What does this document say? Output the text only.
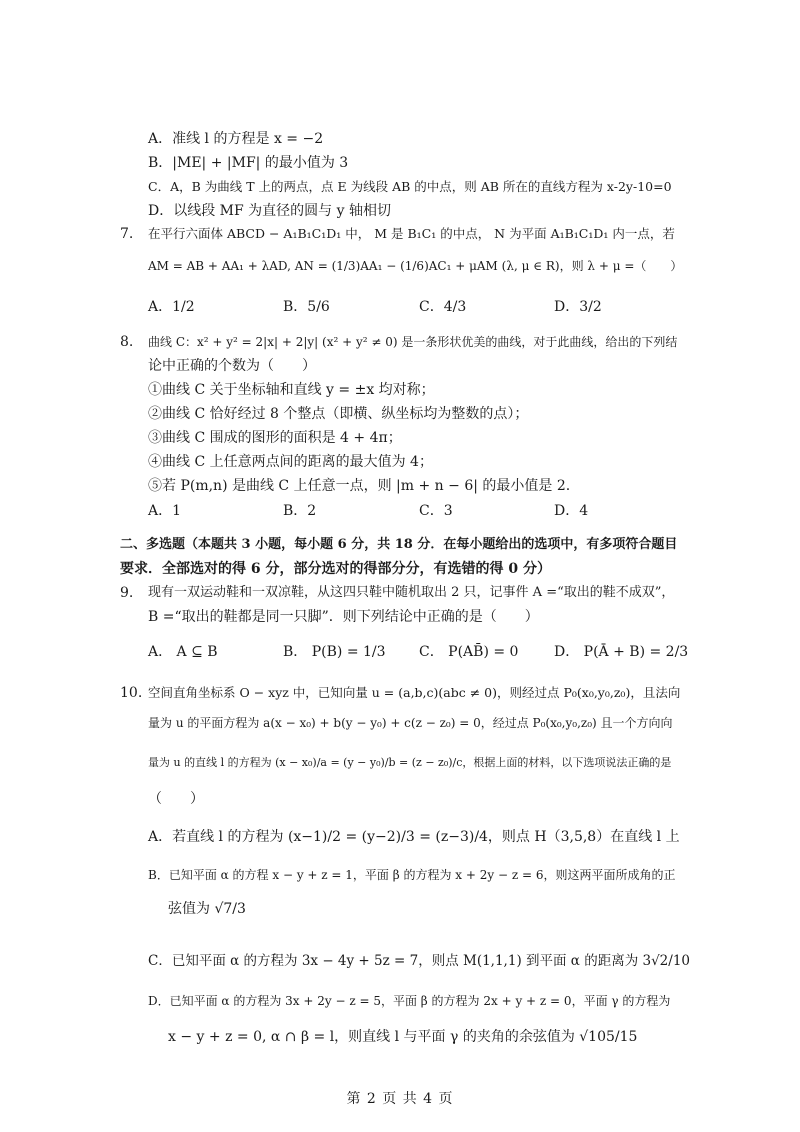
A．准线 l 的方程是 x = −2
B．|ME| + |MF| 的最小值为 3
C．A，B 为曲线 T 上的两点，点 E 为线段 AB 的中点，则 AB 所在的直线方程为 x-2y-10=0
D．以线段 MF 为直径的圆与 y 轴相切
7. 在平行六面体 ABCD − A₁B₁C₁D₁ 中， M 是 B₁C₁ 的中点， N 为平面 A₁B₁C₁D₁ 内一点，若
AM = AB + AA₁ + λAD, AN = (1/3)AA₁ − (1/6)AC₁ + μAM (λ, μ ∈ R)，则 λ + μ =（　　）
A．1/2	B．5/6	C．4/3	D．3/2
8. 曲线 C：x² + y² = 2|x| + 2|y| (x² + y² ≠ 0) 是一条形状优美的曲线，对于此曲线，给出的下列结
论中正确的个数为（　　）
①曲线 C 关于坐标轴和直线 y = ±x 均对称；
②曲线 C 恰好经过 8 个整点（即横、纵坐标均为整数的点）；
③曲线 C 围成的图形的面积是 4 + 4π；
④曲线 C 上任意两点间的距离的最大值为 4；
⑤若 P(m,n) 是曲线 C 上任意一点，则 |m + n − 6| 的最小值是 2.
A．1	B．2	C．3	D．4
二、多选题（本题共 3 小题，每小题 6 分，共 18 分．在每小题给出的选项中，有多项符合题目
要求．全部选对的得 6 分，部分选对的得部分分，有选错的得 0 分）
9. 现有一双运动鞋和一双凉鞋，从这四只鞋中随机取出 2 只，记事件 A =“取出的鞋不成双”，
B =“取出的鞋都是同一只脚”．则下列结论中正确的是（　　）
A． A ⊆ B	B． P(B) = 1/3 C． P(AB̄) = 0	D． P(Ā + B) = 2/3
10. 空间直角坐标系 O − xyz 中，已知向量 u = (a,b,c)(abc ≠ 0)，则经过点 P₀(x₀,y₀,z₀)，且法向
量为 u 的平面方程为 a(x − x₀) + b(y − y₀) + c(z − z₀) = 0，经过点 P₀(x₀,y₀,z₀) 且一个方向向
量为 u 的直线 l 的方程为 (x − x₀)/a = (y − y₀)/b = (z − z₀)/c，根据上面的材料，以下选项说法正确的是
（　　）
A．若直线 l 的方程为 (x−1)/2 = (y−2)/3 = (z−3)/4，则点 H（3,5,8）在直线 l 上
B．已知平面 α 的方程 x − y + z = 1，平面 β 的方程为 x + 2y − z = 6，则这两平面所成角的正
弦值为 √7/3
C．已知平面 α 的方程为 3x − 4y + 5z = 7，则点 M(1,1,1) 到平面 α 的距离为 3√2/10
D．已知平面 α 的方程为 3x + 2y − z = 5，平面 β 的方程为 2x + y + z = 0，平面 γ 的方程为
x − y + z = 0, α ∩ β = l，则直线 l 与平面 γ 的夹角的余弦值为 √105/15
第 2 页 共 4 页
